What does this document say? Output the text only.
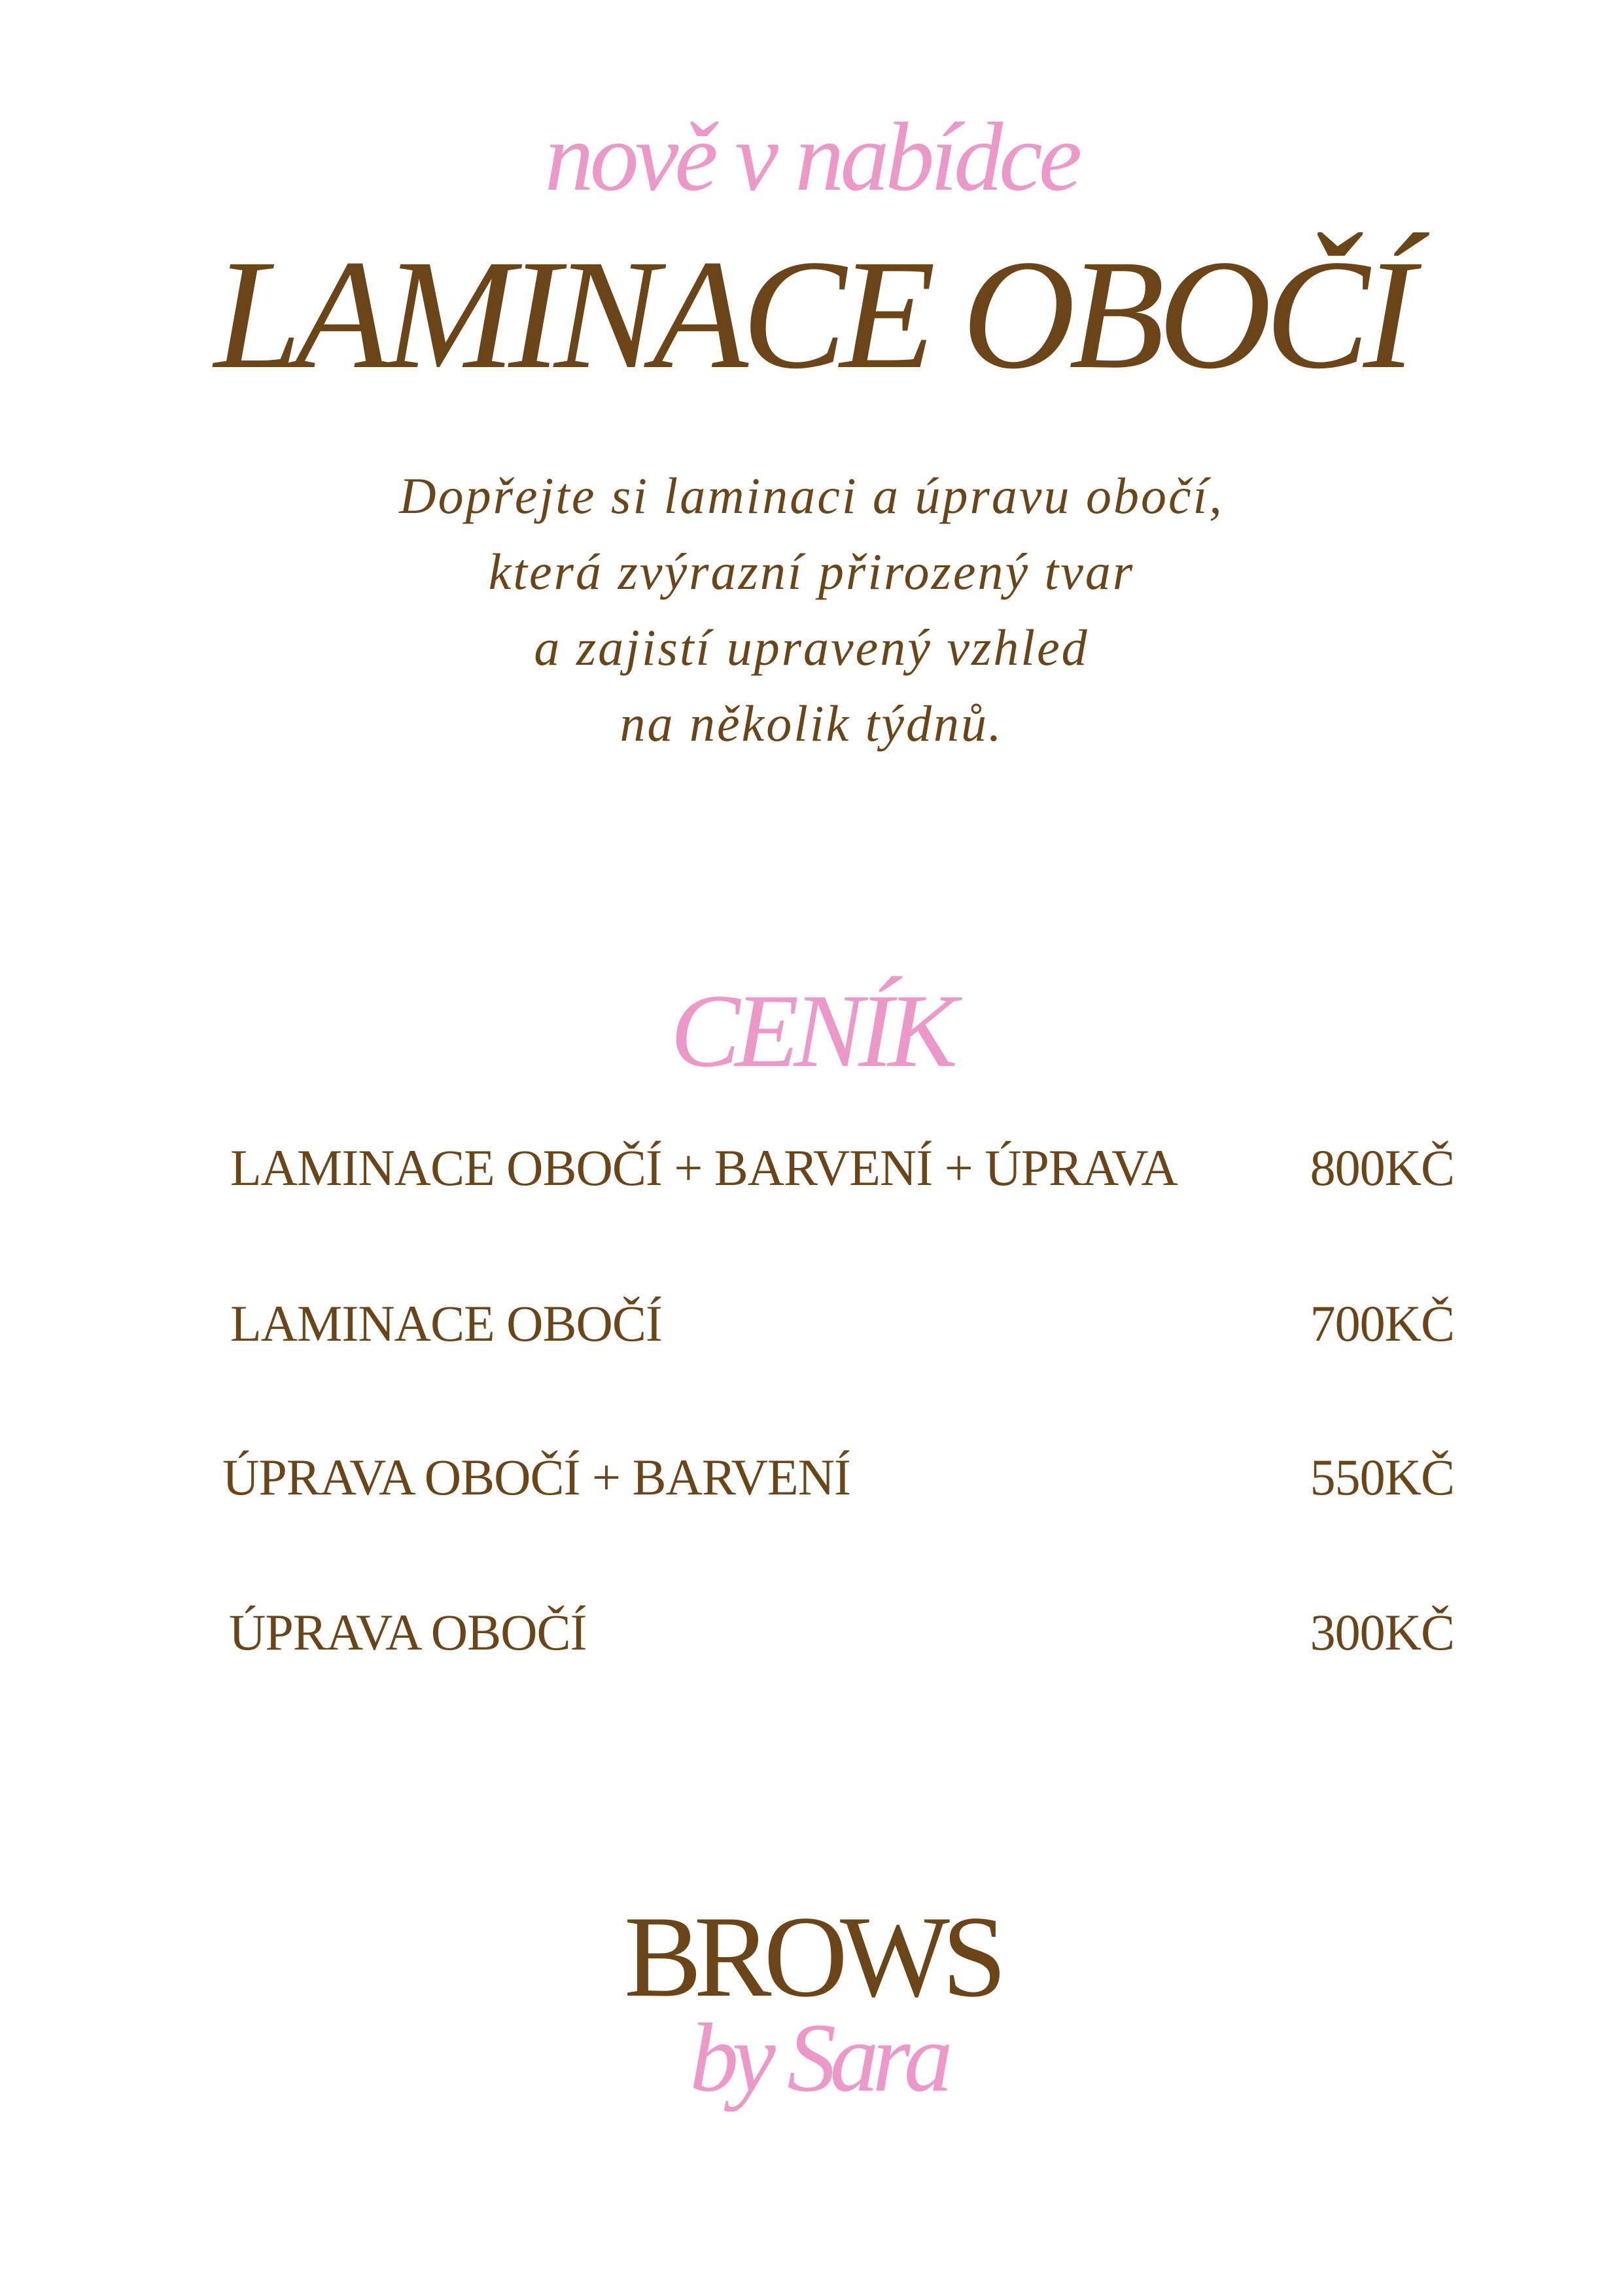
nově v nabídce
LAMINACE OBOČÍ
Dopřejte si laminaci a úpravu obočí,
která zvýrazní přirozený tvar
a zajistí upravený vzhled
na několik týdnů.
CENÍK
LAMINACE OBOČÍ + BARVENÍ + ÚPRAVA	800KČ
LAMINACE OBOČÍ	700KČ
ÚPRAVA OBOČÍ + BARVENÍ	550KČ
ÚPRAVA OBOČÍ	300KČ
BROWS
by Sara
